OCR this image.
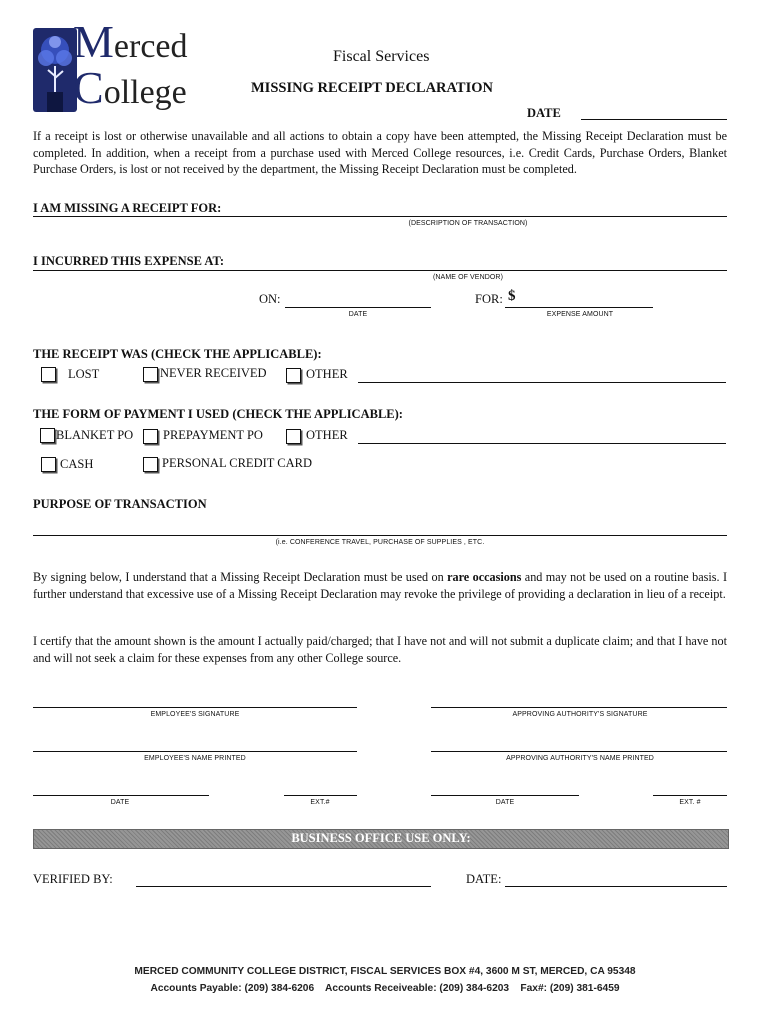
Merced
College
Fiscal Services
MISSING RECEIPT DECLARATION
DATE
If a receipt is lost or otherwise unavailable and all actions to obtain a copy have been attempted, the Missing Receipt Declaration must be completed. In addition, when a receipt from a purchase used with Merced College resources, i.e. Credit Cards, Purchase Orders, Blanket Purchase Orders, is lost or not received by the department, the Missing Receipt Declaration must be completed.
I AM MISSING A RECEIPT FOR:
(DESCRIPTION OF TRANSACTION)
I INCURRED THIS EXPENSE AT:
(NAME OF VENDOR)
ON:
DATE
FOR: $
EXPENSE AMOUNT
THE RECEIPT WAS (CHECK THE APPLICABLE):
LOST	NEVER RECEIVED	OTHER
THE FORM OF PAYMENT I USED (CHECK THE APPLICABLE):
BLANKET PO PREPAYMENT PO	OTHER
CASH	PERSONAL CREDIT CARD
PURPOSE OF TRANSACTION
(i.e. CONFERENCE TRAVEL, PURCHASE OF SUPPLIES , ETC.
By signing below, I understand that a Missing Receipt Declaration must be used on rare occasions and may not be used on a routine basis. I further understand that excessive use of a Missing Receipt Declaration may revoke the privilege of providing a declaration in lieu of a receipt.
I certify that the amount shown is the amount I actually paid/charged; that I have not and will not submit a duplicate claim; and that I have not and will not seek a claim for these expenses from any other College source.
EMPLOYEE'S SIGNATURE	APPROVING AUTHORITY'S SIGNATURE
EMPLOYEE'S NAME PRINTED	APPROVING AUTHORITY'S NAME PRINTED
DATE	EXT.#	DATE	EXT. #
BUSINESS OFFICE USE ONLY:
VERIFIED BY:	DATE:
MERCED COMMUNITY COLLEGE DISTRICT, FISCAL SERVICES BOX #4, 3600 M ST, MERCED, CA 95348
Accounts Payable: (209) 384-6206    Accounts Receiveable: (209) 384-6203    Fax#: (209) 381-6459
